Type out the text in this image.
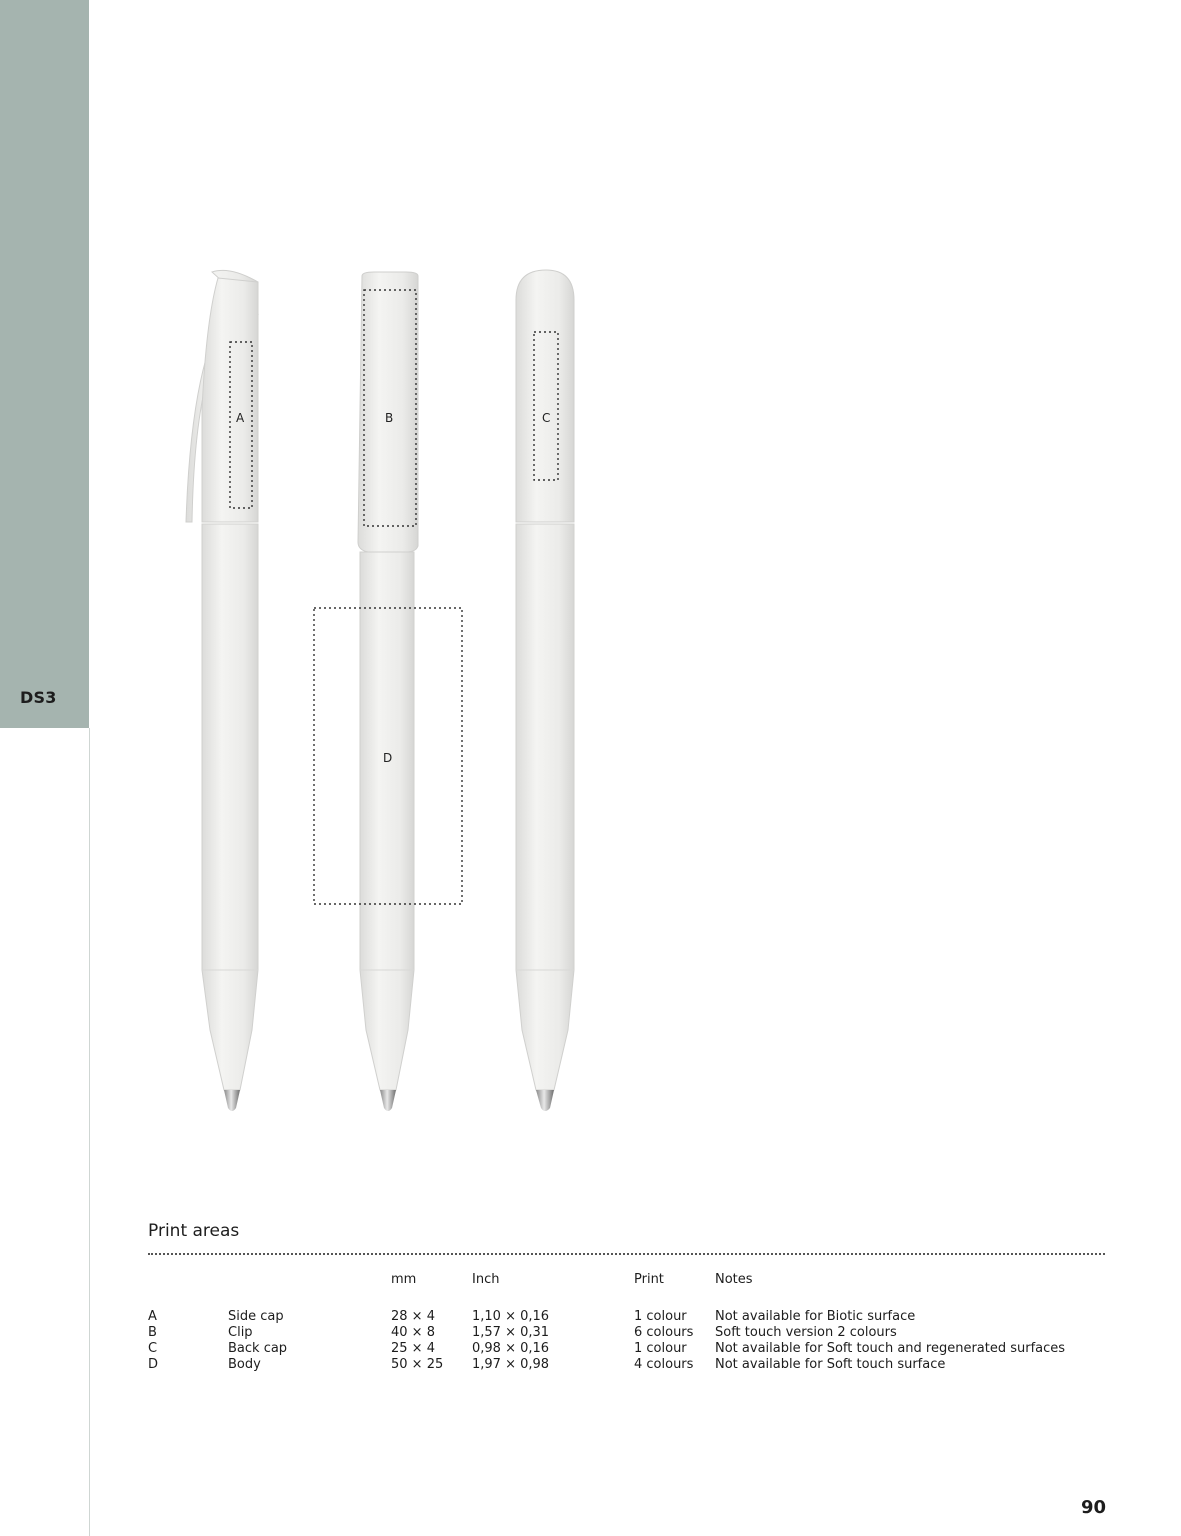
DS3
A	B
D
C
Print areas
		mm	Inch	Print	Notes

A	Side cap	28 × 4	1,10 × 0,16	1 colour	Not available for Biotic surface
B	Clip	40 × 8	1,57 × 0,31	6 colours	Soft touch version 2 colours
C	Back cap	25 × 4	0,98 × 0,16	1 colour	Not available for Soft touch and regenerated surfaces
D	Body	50 × 25	1,97 × 0,98	4 colours	Not available for Soft touch surface
90
